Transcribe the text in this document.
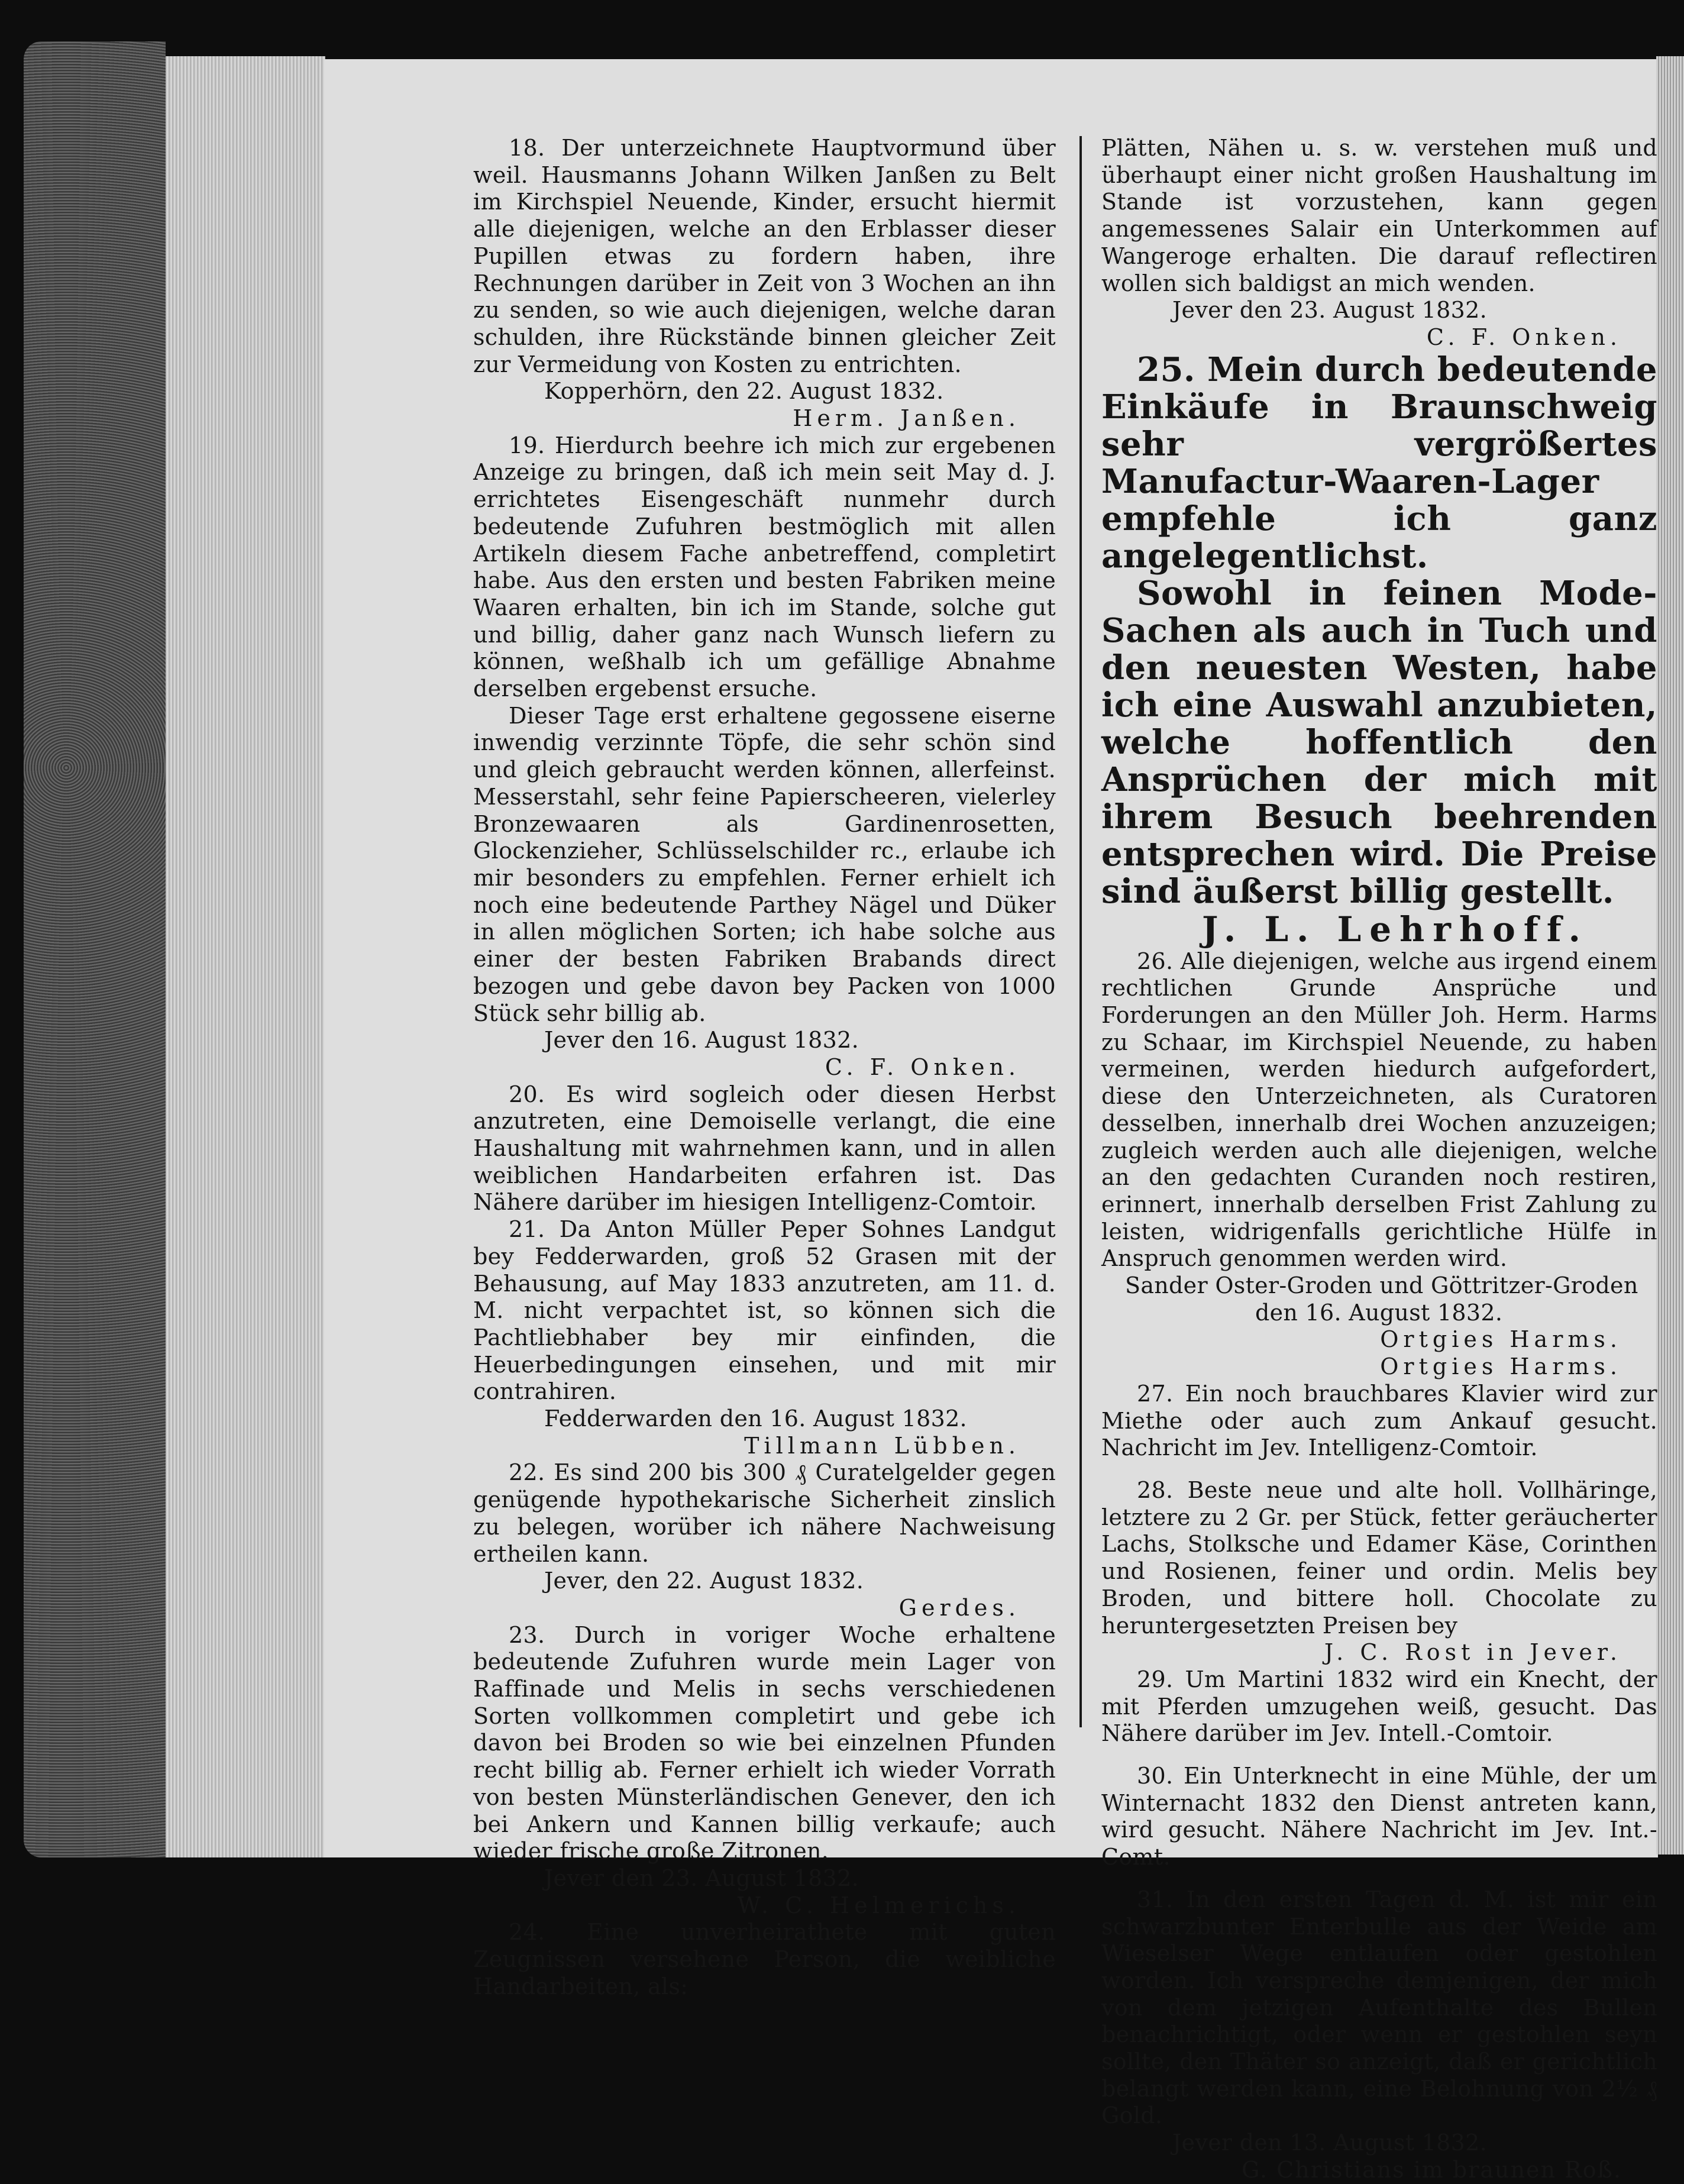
18. Der unterzeichnete Hauptvormund über weil. Hausmanns Johann Wilken Janßen zu Belt im Kirchspiel Neuende, Kinder, ersucht hiermit alle diejenigen, welche an den Erblasser dieser Pupillen etwas zu fordern haben, ihre Rechnungen darüber in Zeit von 3 Wochen an ihn zu senden, so wie auch diejenigen, welche daran schulden, ihre Rückstände binnen gleicher Zeit zur Vermeidung von Kosten zu entrichten.

Kopperhörn, den 22. August 1832.
Herm. Janßen.

19. Hierdurch beehre ich mich zur ergebenen Anzeige zu bringen, daß ich mein seit May d. J. errichtetes Eisengeschäft nunmehr durch bedeutende Zufuhren bestmöglich mit allen Artikeln diesem Fache anbetreffend, completirt habe. Aus den ersten und besten Fabriken meine Waaren erhalten, bin ich im Stande, solche gut und billig, daher ganz nach Wunsch liefern zu können, weßhalb ich um gefällige Abnahme derselben ergebenst ersuche.

Dieser Tage erst erhaltene gegossene eiserne inwendig verzinnte Töpfe, die sehr schön sind und gleich gebraucht werden können, allerfeinst. Messerstahl, sehr feine Papierscheeren, vielerley Bronzewaaren als Gardinenrosetten, Glockenzieher, Schlüsselschilder rc., erlaube ich mir besonders zu empfehlen. Ferner erhielt ich noch eine bedeutende Parthey Nägel und Düker in allen möglichen Sorten; ich habe solche aus einer der besten Fabriken Brabands direct bezogen und gebe davon bey Packen von 1000 Stück sehr billig ab.

Jever den 16. August 1832.
C. F. Onken.

20. Es wird sogleich oder diesen Herbst anzutreten, eine Demoiselle verlangt, die eine Haushaltung mit wahrnehmen kann, und in allen weiblichen Handarbeiten erfahren ist. Das Nähere darüber im hiesigen Intelligenz-Comtoir.

21. Da Anton Müller Peper Sohnes Landgut bey Fedderwarden, groß 52 Grasen mit der Behausung, auf May 1833 anzutreten, am 11. d. M. nicht verpachtet ist, so können sich die Pachtliebhaber bey mir einfinden, die Heuerbedingungen einsehen, und mit mir contrahiren.

Fedderwarden den 16. August 1832.
Tillmann Lübben.

22. Es sind 200 bis 300 ₰ Curatelgelder gegen genügende hypothekarische Sicherheit zinslich zu belegen, worüber ich nähere Nachweisung ertheilen kann.

Jever, den 22. August 1832.
Gerdes.

23. Durch in voriger Woche erhaltene bedeutende Zufuhren wurde mein Lager von Raffinade und Melis in sechs verschiedenen Sorten vollkommen completirt und gebe ich davon bei Broden so wie bei einzelnen Pfunden recht billig ab. Ferner erhielt ich wieder Vorrath von besten Münsterländischen Genever, den ich bei Ankern und Kannen billig verkaufe; auch wieder frische große Zitronen.

Jever den 23. August 1832.
W. C. Helmerichs.

24. Eine unverheirathete mit guten Zeugnissen versehene Person, die weibliche Handarbeiten, als:

Plätten, Nähen u. s. w. verstehen muß und überhaupt einer nicht großen Haushaltung im Stande ist vorzustehen, kann gegen angemessenes Salair ein Unterkommen auf Wangeroge erhalten. Die darauf reflectiren wollen sich baldigst an mich wenden.

Jever den 23. August 1832.
C. F. Onken.

25. Mein durch bedeutende Einkäufe in Braunschweig sehr vergrößertes Manufactur-Waaren-Lager empfehle ich ganz angelegentlichst.

Sowohl in feinen Mode-Sachen als auch in Tuch und den neuesten Westen, habe ich eine Auswahl anzubieten, welche hoffentlich den Ansprüchen der mich mit ihrem Besuch beehrenden entsprechen wird. Die Preise sind äußerst billig gestellt.

J. L. Lehrhoff.

26. Alle diejenigen, welche aus irgend einem rechtlichen Grunde Ansprüche und Forderungen an den Müller Joh. Herm. Harms zu Schaar, im Kirchspiel Neuende, zu haben vermeinen, werden hiedurch aufgefordert, diese den Unterzeichneten, als Curatoren desselben, innerhalb drei Wochen anzuzeigen; zugleich werden auch alle diejenigen, welche an den gedachten Curanden noch restiren, erinnert, innerhalb derselben Frist Zahlung zu leisten, widrigenfalls gerichtliche Hülfe in Anspruch genommen werden wird.

Sander Oster-Groden und Göttritzer-Groden
den 16. August 1832.
Ortgies Harms.
Ortgies Harms.

27. Ein noch brauchbares Klavier wird zur Miethe oder auch zum Ankauf gesucht. Nachricht im Jev. Intelligenz-Comtoir.

28. Beste neue und alte holl. Vollhäringe, letztere zu 2 Gr. per Stück, fetter geräucherter Lachs, Stolksche und Edamer Käse, Corinthen und Rosienen, feiner und ordin. Melis bey Broden, und bittere holl. Chocolate zu heruntergesetzten Preisen bey

J. C. Rost in Jever.

29. Um Martini 1832 wird ein Knecht, der mit Pferden umzugehen weiß, gesucht. Das Nähere darüber im Jev. Intell.-Comtoir.

30. Ein Unterknecht in eine Mühle, der um Winternacht 1832 den Dienst antreten kann, wird gesucht. Nähere Nachricht im Jev. Int.-Comt.

31. In den ersten Tagen d. M. ist mir ein schwarzbunter Enterbulle aus der Weide am Wieselser Wege entlaufen oder gestohlen worden. Ich verspreche demjenigen, der mich von dem jetzigen Aufenthalte des Bullen benachrichtigt, oder wenn er gestohlen seyn sollte, den Thäter so anzeigt, daß er gerichtlich belangt werden kann, eine Belohnung von 2½ ₰ Gold.

Jever den 13. August 1832.
G. Christians im braunen Roß.
